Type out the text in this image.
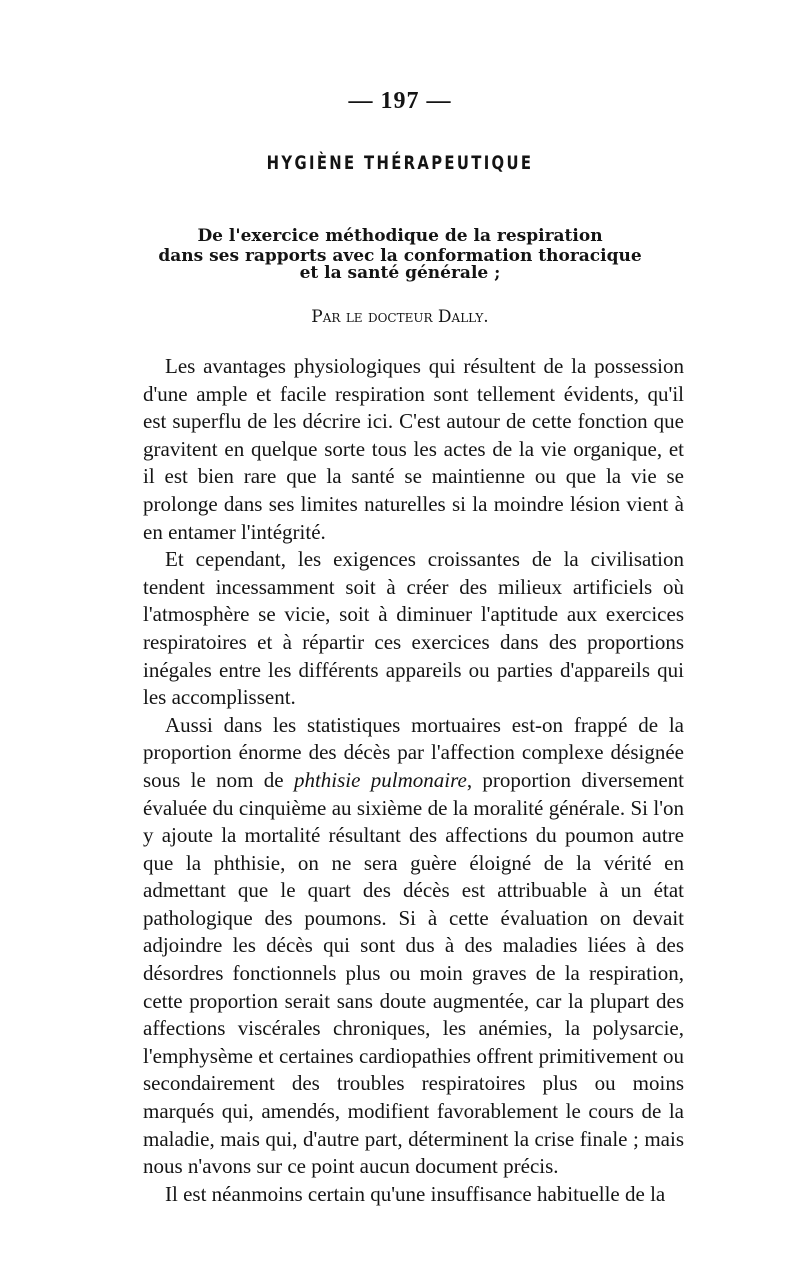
— 197 —
HYGIÈNE THÉRAPEUTIQUE
De l'exercice méthodique de la respiration
dans ses rapports avec la conformation thoracique
et la santé générale ;
Par le docteur Dally.

Les avantages physiologiques qui résultent de la possession d'une ample et facile respiration sont tellement évidents, qu'il est superflu de les décrire ici. C'est autour de cette fonction que gravitent en quelque sorte tous les actes de la vie organique, et il est bien rare que la santé se maintienne ou que la vie se prolonge dans ses limites naturelles si la moindre lésion vient à en entamer l'intégrité.

Et cependant, les exigences croissantes de la civilisation tendent incessamment soit à créer des milieux artificiels où l'atmosphère se vicie, soit à diminuer l'aptitude aux exercices respiratoires et à répartir ces exercices dans des proportions inégales entre les différents appareils ou parties d'appareils qui les accomplissent.

Aussi dans les statistiques mortuaires est-on frappé de la proportion énorme des décès par l'affection complexe désignée sous le nom de phthisie pulmonaire, proportion diversement évaluée du cinquième au sixième de la moralité générale. Si l'on y ajoute la mortalité résultant des affections du poumon autre que la phthisie, on ne sera guère éloigné de la vérité en admettant que le quart des décès est attribuable à un état pathologique des poumons. Si à cette évaluation on devait adjoindre les décès qui sont dus à des maladies liées à des désordres fonctionnels plus ou moin graves de la respiration, cette proportion serait sans doute augmentée, car la plupart des affections viscérales chroniques, les anémies, la polysarcie, l'emphysème et certaines cardiopathies offrent primitivement ou secondairement des troubles respiratoires plus ou moins marqués qui, amendés, modifient favorablement le cours de la maladie, mais qui, d'autre part, déterminent la crise finale ; mais nous n'avons sur ce point aucun document précis.

Il est néanmoins certain qu'une insuffisance habituelle de la
